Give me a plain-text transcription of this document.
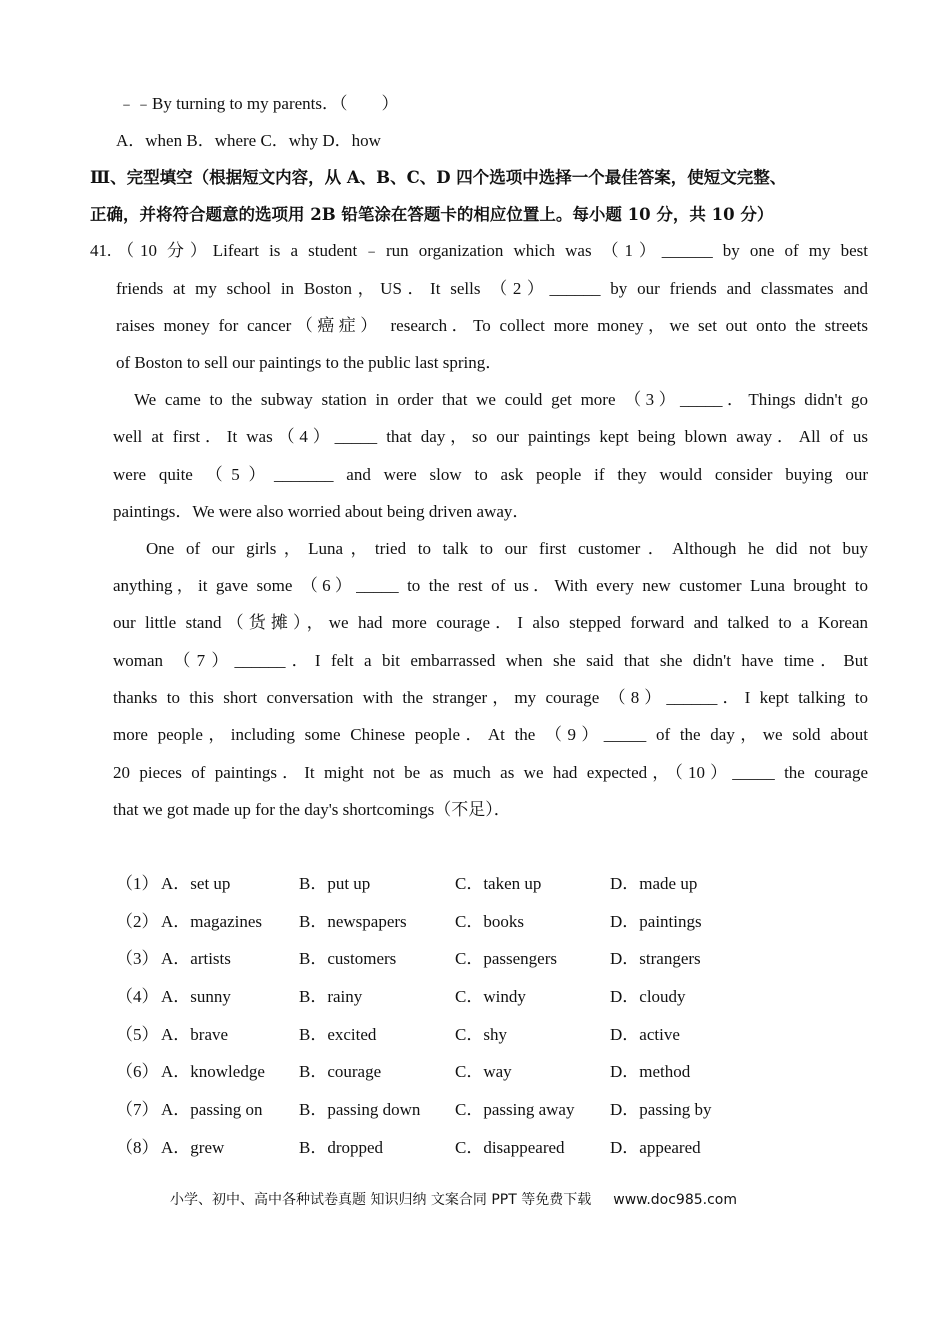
﹣﹣By turning to my parents．（　　）
A．when B．where C．why D．how
Ⅲ、完型填空（根据短文内容，从 A、B、C、D 四个选项中选择一个最佳答案，使短文完整、
正确，并将符合题意的选项用 2B 铅笔涂在答题卡的相应位置上。每小题 10 分，共 10 分）
41.（10 分）Lifeart is a student﹣run organization which was （1）______ by one of my best
friends at my school in Boston，US．It sells （2）______ by our friends and classmates and
raises money for cancer（癌症） research．To collect more money，we set out onto the streets
of Boston to sell our paintings to the public last spring．
We came to the subway station in order that we could get more （3）_____．Things didn't go
well at first．It was（4）_____ that day，so our paintings kept being blown away．All of us
were quite （5）_______ and were slow to ask people if they would consider buying our
paintings．We were also worried about being driven away．
One of our girls，Luna，tried to talk to our first customer．Although he did not buy
anything，it gave some （6）_____ to the rest of us．With every new customer Luna brought to
our little stand（货摊），we had more courage．I also stepped forward and talked to a Korean
woman （7）______．I felt a bit embarrassed when she said that she didn't have time．But
thanks to this short conversation with the stranger，my courage （8）______．I kept talking to
more people，including some Chinese people．At the （9）_____ of the day，we sold about
20 pieces of paintings．It might not be as much as we had expected，（10）_____ the courage
that we got made up for the day's shortcomings（不足）．
（1） A．set up	B．put up	C．taken up	D．made up
（2） A．magazines B．newspapers	C．books	D．paintings
（3） A．artists	B．customers	C．passengers	D．strangers
（4） A．sunny	B．rainy	C．windy	D．cloudy
（5） A．brave	B．excited	C．shy	D．active
（6） A．knowledge B．courage	C．way	D．method
（7） A．passing on B．passing down C．passing away D．passing by
（8） A．grew	B．dropped	C．disappeared	D．appeared
小学、初中、高中各种试卷真题 知识归纳 文案合同 PPT 等免费下载 www.doc985.com
